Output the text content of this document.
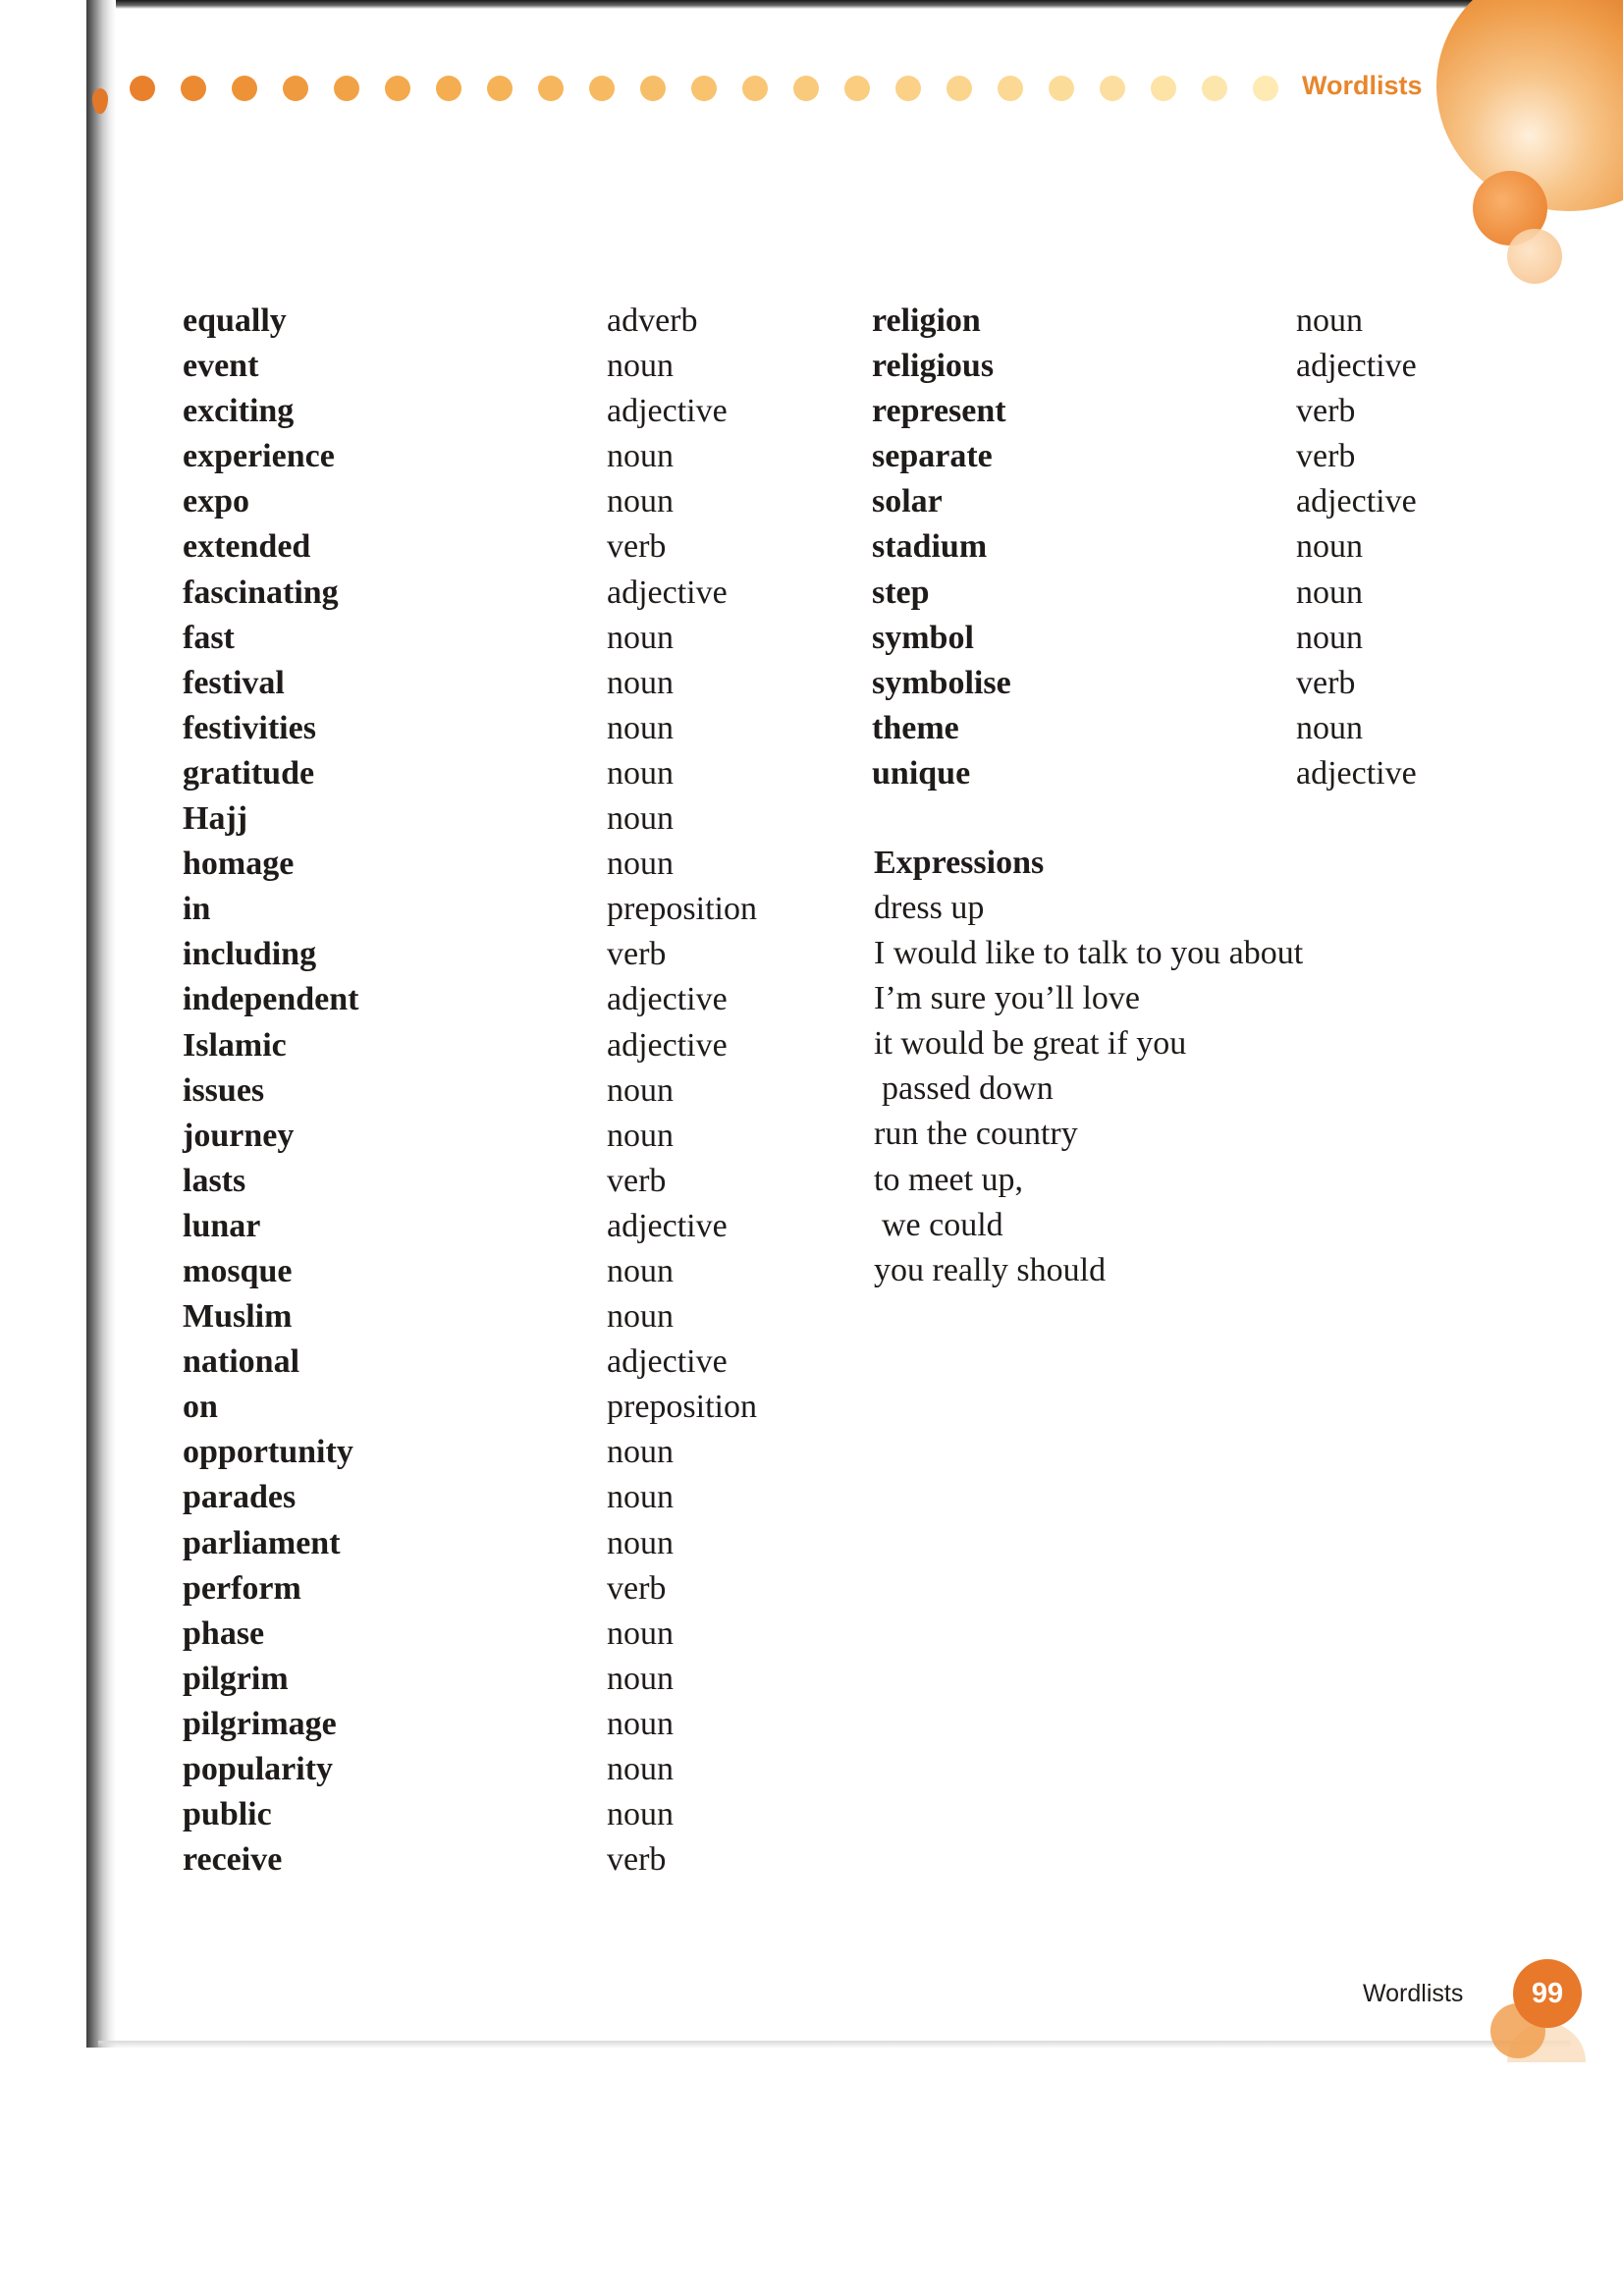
Wordlists
equally
event
exciting
experience
expo
extended
fascinating
fast
festival
festivities
gratitude
Hajj
homage
in
including
independent
Islamic
issues
journey
lasts
lunar
mosque
Muslim
national
on
opportunity
parades
parliament
perform
phase
pilgrim
pilgrimage
popularity
public
receive
adverb
noun
adjective
noun
noun
verb
adjective
noun
noun
noun
noun
noun
noun
preposition
verb
adjective
adjective
noun
noun
verb
adjective
noun
noun
adjective
preposition
noun
noun
noun
verb
noun
noun
noun
noun
noun
verb
religion
religious
represent
separate
solar
stadium
step
symbol
symbolise
theme
unique
noun
adjective
verb
verb
adjective
noun
noun
noun
verb
noun
adjective
Expressions
dress up
I would like to talk to you about
I’m sure you’ll love
it would be great if you
passed down
run the country
to meet up,
we could
you really should
Wordlists	99
